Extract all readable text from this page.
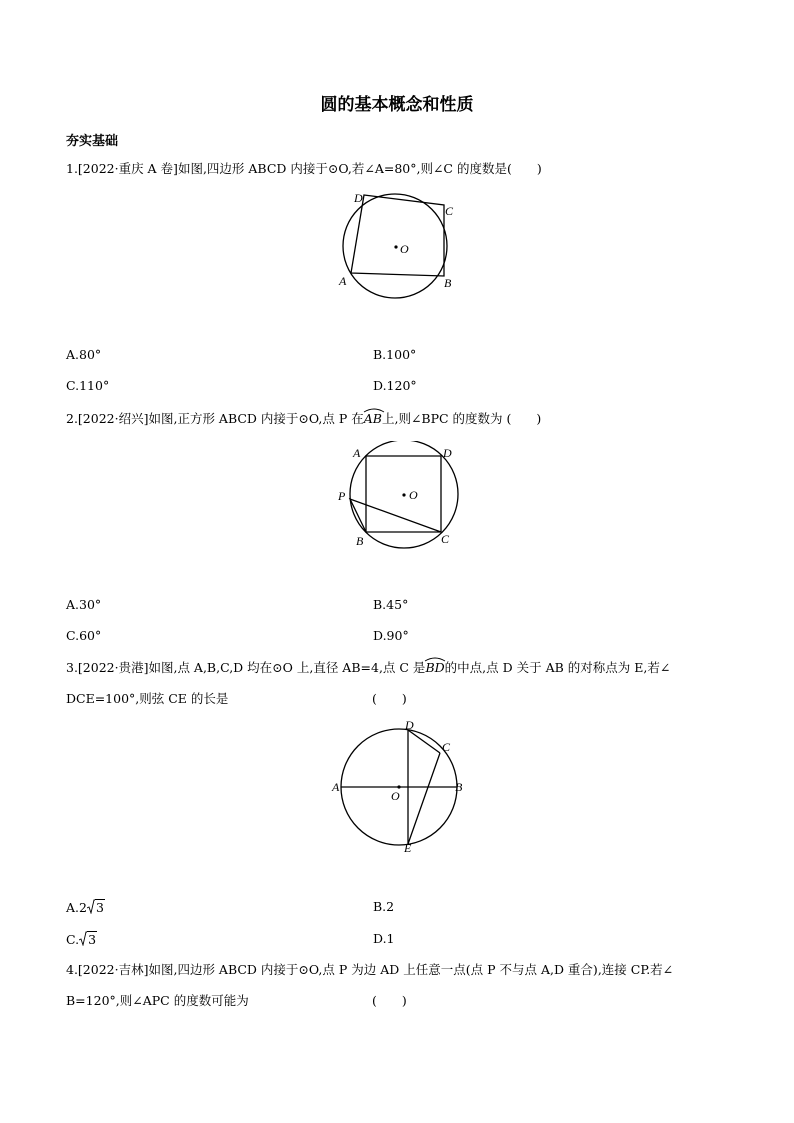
圆的基本概念和性质
夯实基础
1.[2022·重庆 A 卷]如图,四边形 ABCD 内接于⊙O,若∠A=80°,则∠C 的度数是(　　)
O
D
C
A	B
A.80°	B.100°
C.110°	D.120°
2.[2022·绍兴]如图,正方形 ABCD 内接于⊙O,点 P 在
AB上,则∠BPC 的度数为 (　　)
O
A	D
P
B	C
A.30°	B.45°
C.60°	D.90°
3.[2022·贵港]如图,点 A,B,C,D 均在⊙O 上,直径 AB=4,点 C 是
BD的中点,点 D 关于 AB 的对称点为 E,若∠
DCE=100°,则弦 CE 的长是	(　　)
O
A	B
D
C
E
A.2 3	B.2
C. 3	D.1
4.[2022·吉林]如图,四边形 ABCD 内接于⊙O,点 P 为边 AD 上任意一点(点 P 不与点 A,D 重合),连接 CP.若∠
B=120°,则∠APC 的度数可能为	(　　)
